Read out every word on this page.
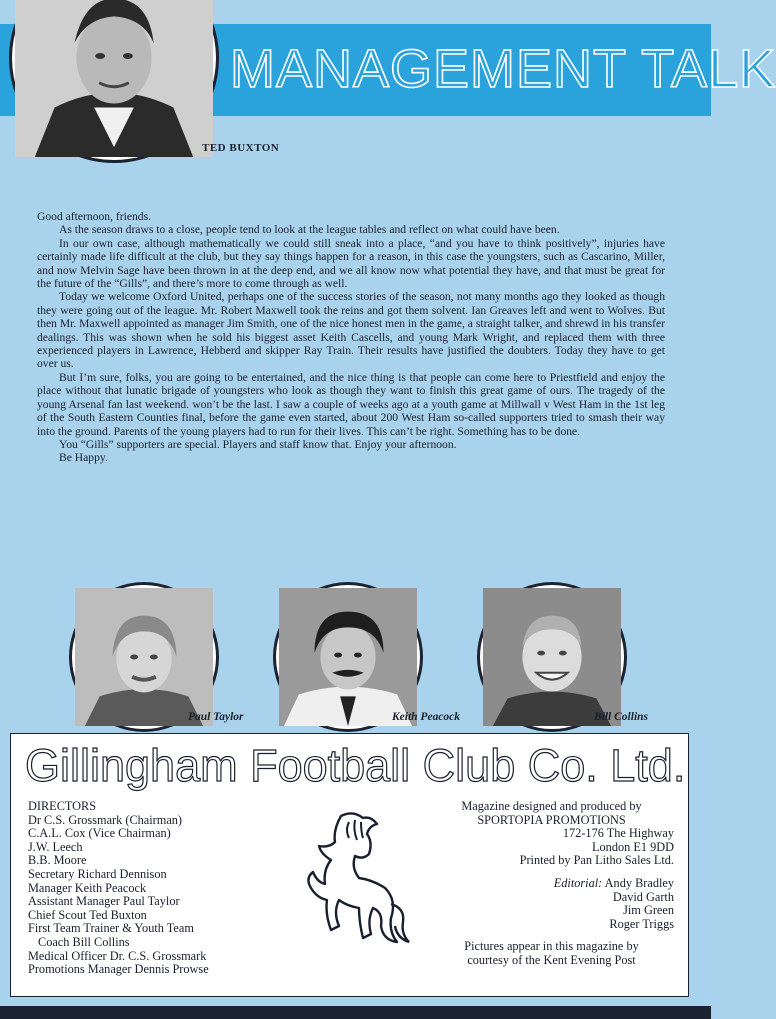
MANAGEMENT TALK
TED BUXTON

Good afternoon, friends.

As the season draws to a close, people tend to look at the league tables and reflect on what could have been.

In our own case, although mathematically we could still sneak into a place, “and you have to think positively”, injuries have certainly made life difficult at the club, but they say things happen for a reason, in this case the youngsters, such as Cascarino, Miller, and now Melvin Sage have been thrown in at the deep end, and we all know now what potential they have, and that must be great for the future of the “Gills”, and there’s more to come through as well.

Today we welcome Oxford United, perhaps one of the success stories of the season, not many months ago they looked as though they were going out of the league. Mr. Robert Maxwell took the reins and got them solvent. Ian Greaves left and went to Wolves. But then Mr. Maxwell appointed as manager Jim Smith, one of the nice honest men in the game, a straight talker, and shrewd in his transfer dealings. This was shown when he sold his biggest asset Keith Cascells, and young Mark Wright, and replaced them with three experienced players in Lawrence, Hebberd and skipper Ray Train. Their results have justified the doubters. Today they have to get over us.

But I’m sure, folks, you are going to be entertained, and the nice thing is that people can come here to Priestfield and enjoy the place without that lunatic brigade of youngsters who look as though they want to finish this great game of ours. The tragedy of the young Arsenal fan last weekend. won’t be the last. I saw a couple of weeks ago at a youth game at Millwall v West Ham in the 1st leg of the South Eastern Counties final, before the game even started, about 200 West Ham so-called supporters tried to smash their way into the ground. Parents of the young players had to run for their lives. This can’t be right. Something has to be done.

You “Gills” supporters are special. Players and staff know that. Enjoy your afternoon.

Be Happy.

Paul Taylor	Keith Peacock	Bill Collins
Gillingham Football Club Co. Ltd.
DIRECTORS
Dr C.S. Grossmark (Chairman)
C.A.L. Cox (Vice Chairman)
J.W. Leech
B.B. Moore
Secretary Richard Dennison
Manager Keith Peacock
Assistant Manager Paul Taylor
Chief Scout Ted Buxton
First Team Trainer & Youth Team
Coach Bill Collins
Medical Officer Dr. C.S. Grossmark
Promotions Manager Dennis Prowse
Magazine designed and produced by
SPORTOPIA PROMOTIONS
172-176 The Highway
London E1 9DD
Printed by Pan Litho Sales Ltd.
Editorial: Andy Bradley
David Garth
Jim Green
Roger Triggs
Pictures appear in this magazine by
courtesy of the Kent Evening Post
